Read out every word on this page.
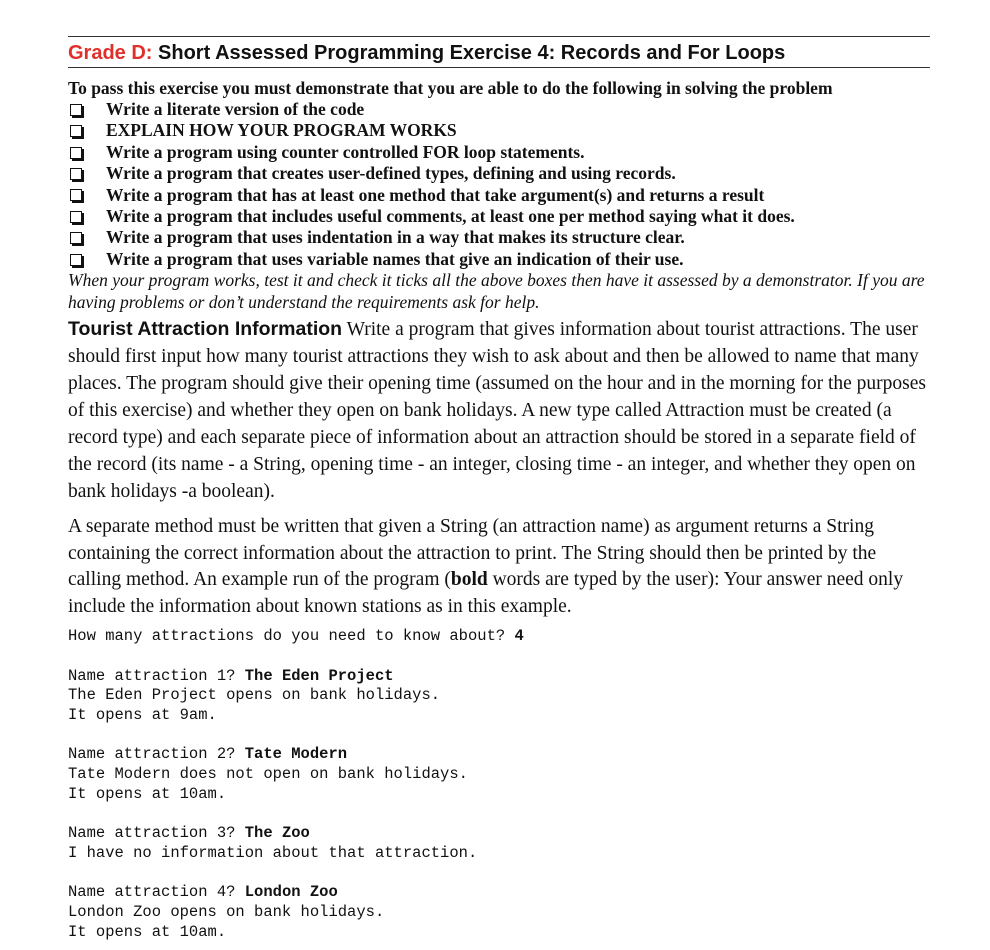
Grade D: Short Assessed Programming Exercise 4: Records and For Loops
To pass this exercise you must demonstrate that you are able to do the following in solving the problem
Write a literate version of the code
EXPLAIN HOW YOUR PROGRAM WORKS
Write a program using counter controlled FOR loop statements.
Write a program that creates user-defined types, defining and using records.
Write a program that has at least one method that take argument(s) and returns a result
Write a program that includes useful comments, at least one per method saying what it does.
Write a program that uses indentation in a way that makes its structure clear.
Write a program that uses variable names that give an indication of their use.
When your program works, test it and check it ticks all the above boxes then have it assessed by a demonstrator. If you are having problems or don’t understand the requirements ask for help.
Tourist Attraction Information Write a program that gives information about tourist attractions. The user should first input how many tourist attractions they wish to ask about and then be allowed to name that many places. The program should give their opening time (assumed on the hour and in the morning for the purposes of this exercise) and whether they open on bank holidays. A new type called Attraction must be created (a record type) and each separate piece of information about an attraction should be stored in a separate field of the record (its name - a String, opening time - an integer, closing time - an integer, and whether they open on bank holidays -a boolean).
A separate method must be written that given a String (an attraction name) as argument returns a String containing the correct information about the attraction to print. The String should then be printed by the calling method. An example run of the program (bold words are typed by the user): Your answer need only include the information about known stations as in this example.
How many attractions do you need to know about? 4
Name attraction 1? The Eden Project
The Eden Project opens on bank holidays.
It opens at 9am.
Name attraction 2? Tate Modern
Tate Modern does not open on bank holidays.
It opens at 10am.
Name attraction 3? The Zoo
I have no information about that attraction.
Name attraction 4? London Zoo
London Zoo opens on bank holidays.
It opens at 10am.
